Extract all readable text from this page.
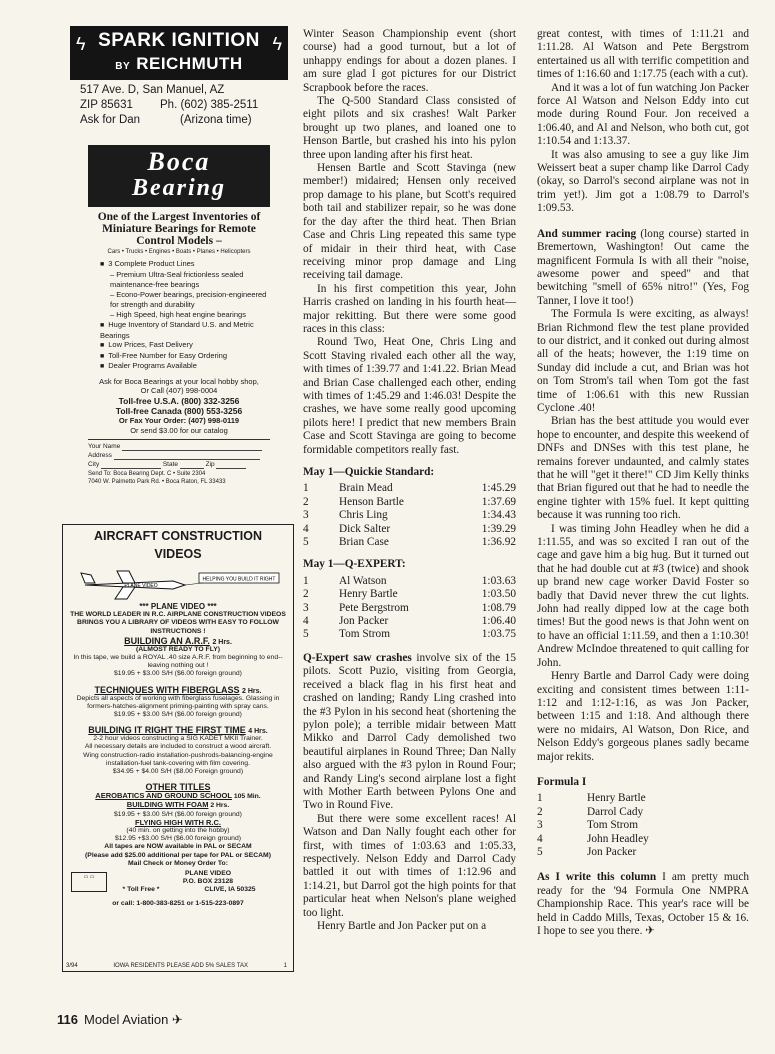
ϟ	ϟ
SPARK IGNITION
BY REICHMUTH
517 Ave. D, San Manuel, AZ
ZIP 85631 Ph. (602) 385-2511
Ask for Dan	(Arizona time)
Boca
Bearing
One of the Largest Inventories of Miniature Bearings for Remote Control Models –
Cars • Trucks • Engines • Boats • Planes • Helicopters
■ 3 Complete Product Lines
– Premium Ultra-Seal frictionless sealed maintenance-free bearings
– Econo-Power bearings, precision-engineered for strength and durability
– High Speed, high heat engine bearings
■ Huge Inventory of Standard U.S. and Metric Bearings
■ Low Prices, Fast Delivery
■ Toll-Free Number for Easy Ordering
■ Dealer Programs Available
Ask for Boca Bearings at your local hobby shop,
Or Call (407) 998-0004
Toll-free U.S.A. (800) 332-3256
Toll-free Canada (800) 553-3256
Or Fax Your Order: (407) 998-0119
Or send $3.00 for our catalog
Your Name
Address
City	State	Zip
Send To: Boca Bearing Dept. C • Suite 2304
7040 W. Palmetto Park Rd. • Boca Raton, FL 33433
AIRCRAFT CONSTRUCTION
VIDEOS
HELPING YOU BUILD IT RIGHT
PLANE VIDEO
*** PLANE VIDEO ***
THE WORLD LEADER IN R.C. AIRPLANE CONSTRUCTION VIDEOS BRINGS YOU A LIBRARY OF VIDEOS WITH EASY TO FOLLOW INSTRUCTIONS !
BUILDING AN A.R.F. 2 Hrs.
(ALMOST READY TO FLY)
In this tape, we build a ROYAL .40 size A.R.F. from beginning to end-- leaving nothing out !
$19.95 + $3.00 S/H ($6.00 foreign ground)
TECHNIQUES WITH FIBERGLASS 2 Hrs.
Depicts all aspects of working with fiberglass fuselages. Glassing in formers-hatches-alignment priming-painting with spray cans.
$19.95 + $3.00 S/H ($6.00 foreign ground)
BUILDING IT RIGHT THE FIRST TIME 4 Hrs.
2-2 hour videos constructing a SIG KADET MKII Trainer.
All necessary details are included to construct a wood aircraft.
Wing construction-radio installation-pushrods-balancing-engine installation-fuel tank-covering with film covering.
$34.95 + $4.00 S/H ($8.00 Foreign ground)
OTHER TITLES
AEROBATICS AND GROUND SCHOOL 105 Min.
BUILDING WITH FOAM 2 Hrs.
$19.95 + $3.00 S/H ($6.00 foreign ground)
FLYING HIGH WITH R.C.
(40 min. on getting into the hobby)
$12.95 +$3.00 S/H ($6.00 foreign ground)
All tapes are NOW available in PAL or SECAM
(Please add $25.00 additional per tape for PAL or SECAM)
Mail Check or Money Order To:
▭ ▭	PLANE VIDEO
P.O. BOX 23128
* Toll Free *	CLIVE, IA 50325
or call: 1-800-383-8251 or 1-515-223-0897
3/94	IOWA RESIDENTS PLEASE ADD 5% SALES TAX	1

Winter Season Championship event (short course) had a good turnout, but a lot of unhappy endings for about a dozen planes. I am sure glad I got pictures for our District Scrapbook before the races.

The Q-500 Standard Class consisted of eight pilots and six crashes! Walt Parker brought up two planes, and loaned one to Henson Bartle, but crashed his into his pylon three upon landing after his first heat.

Hensen Bartle and Scott Stavinga (new member!) midaired; Hensen only received prop damage to his plane, but Scott's required both tail and stabilizer repair, so he was done for the day after the third heat. Then Brian Case and Chris Ling repeated this same type of midair in their third heat, with Case receiving minor prop damage and Ling receiving tail damage.

In his first competition this year, John Harris crashed on landing in his fourth heat—major rekitting. But there were some good races in this class:

Round Two, Heat One, Chris Ling and Scott Staving rivaled each other all the way, with times of 1:39.77 and 1:41.22. Brian Mead and Brian Case challenged each other, ending with times of 1:45.29 and 1:46.03! Despite the crashes, we have some really good upcoming pilots here! I predict that new members Brain Case and Scott Stavinga are going to become formidable competitors really fast.

May 1—Quickie Standard:
1	Brain Mead	1:45.29
2	Henson Bartle	1:37.69
3	Chris Ling	1:34.43
4	Dick Salter	1:39.29
5	Brian Case	1:36.92
May 1—Q-EXPERT:
1	Al Watson	1:03.63
2	Henry Bartle	1:03.50
3	Pete Bergstrom	1:08.79
4	Jon Packer	1:06.40
5	Tom Strom	1:03.75

Q-Expert saw crashes involve six of the 15 pilots. Scott Puzio, visiting from Georgia, received a black flag in his first heat and crashed on landing; Randy Ling crashed into the #3 Pylon in his second heat (shortening the pylon pole); a terrible midair between Matt Mikko and Darrol Cady demolished two beautiful airplanes in Round Three; Dan Nally also argued with the #3 pylon in Round Four; and Randy Ling's second airplane lost a fight with Mother Earth between Pylons One and Two in Round Five.

But there were some excellent races! Al Watson and Dan Nally fought each other for first, with times of 1:03.63 and 1:05.33, respectively. Nelson Eddy and Darrol Cady battled it out with times of 1:12.96 and 1:14.21, but Darrol got the high points for that particular heat when Nelson's plane weighed too light.

Henry Bartle and Jon Packer put on a

great contest, with times of 1:11.21 and 1:11.28. Al Watson and Pete Bergstrom entertained us all with terrific competition and times of 1:16.60 and 1:17.75 (each with a cut).

And it was a lot of fun watching Jon Packer force Al Watson and Nelson Eddy into cut mode during Round Four. Jon received a 1:06.40, and Al and Nelson, who both cut, got 1:10.54 and 1:13.37.

It was also amusing to see a guy like Jim Weissert beat a super champ like Darrol Cady (okay, so Darrol's second airplane was not in trim yet!). Jim got a 1:08.79 to Darrol's 1:09.53.

And summer racing (long course) started in Bremertown, Washington! Out came the magnificent Formula Is with all their "noise, awesome power and speed" and that bewitching "smell of 65% nitro!" (Yes, Fog Tanner, I love it too!)

The Formula Is were exciting, as always! Brian Richmond flew the test plane provided to our district, and it conked out during almost all of the heats; however, the 1:19 time on Sunday did include a cut, and Brian was hot on Tom Strom's tail when Tom got the fast time of 1:06.61 with this new Russian Cyclone .40!

Brian has the best attitude you would ever hope to encounter, and despite this weekend of DNFs and DNSes with this test plane, he remains forever undaunted, and calmly states that he will "get it there!" CD Jim Kelly thinks that Brian figured out that he had to needle the engine tighter with 15% fuel. It kept quitting because it was running too rich.

I was timing John Headley when he did a 1:11.55, and was so excited I ran out of the cage and gave him a big hug. But it turned out that he had double cut at #3 (twice) and shook up brand new cage worker David Foster so badly that David never threw the cut lights. John had really dipped low at the cage both times! But the good news is that John went on to have an official 1:11.59, and then a 1:10.30! Andrew McIndoe threatened to quit calling for John.

Henry Bartle and Darrol Cady were doing exciting and consistent times between 1:11-1:12 and 1:12-1:16, as was Jon Packer, between 1:15 and 1:18. And although there were no midairs, Al Watson, Don Rice, and Nelson Eddy's gorgeous planes sadly became major rekits.

Formula I
1	Henry Bartle
2	Darrol Cady
3	Tom Strom
4	John Headley
5	Jon Packer

As I write this column I am pretty much ready for the '94 Formula One NMPRA Championship Race. This year's race will be held in Caddo Mills, Texas, October 15 & 16. I hope to see you there. ✈

116 Model Aviation ✈
